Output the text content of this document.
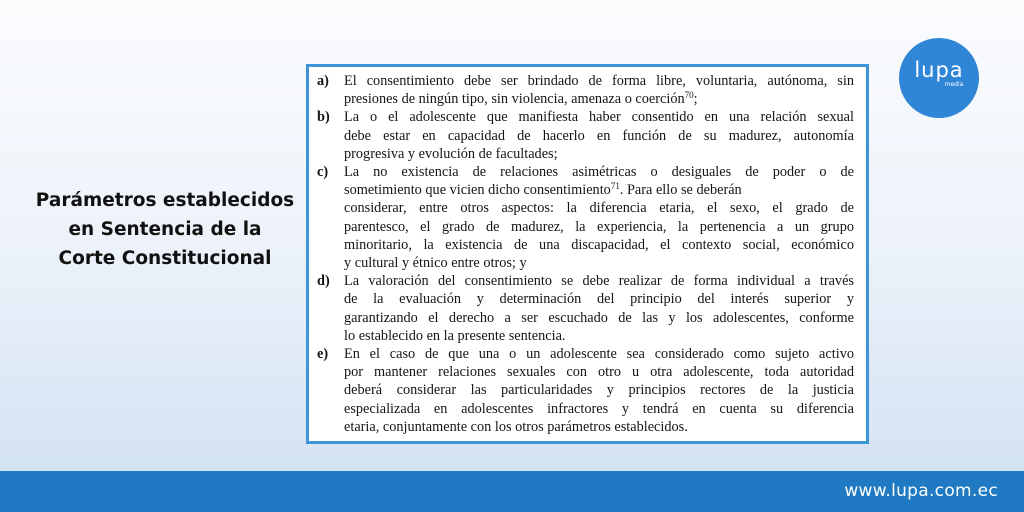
Parámetros establecidos
en Sentencia de la
Corte Constitucional
a)	El consentimiento debe ser brindado de forma libre, voluntaria, autónoma, sin
presiones de ningún tipo, sin violencia, amenaza o coerción$^{70}$;
b) La o el adolescente que manifiesta haber consentido en una relación sexual
debe estar en capacidad de hacerlo en función de su madurez, autonomía
progresiva y evolución de facultades;
c)	La no existencia de relaciones asimétricas o desiguales de poder o de
sometimiento que vicien dicho consentimiento$^{71}$. Para ello se deberán
considerar, entre otros aspectos: la diferencia etaria, el sexo, el grado de
parentesco, el grado de madurez, la experiencia, la pertenencia a un grupo
minoritario, la existencia de una discapacidad, el contexto social, económico
y cultural y étnico entre otros; y
d) La valoración del consentimiento se debe realizar de forma individual a través
de la evaluación y determinación del principio del interés superior y
garantizando el derecho a ser escuchado de las y los adolescentes, conforme
lo establecido en la presente sentencia.
e)	En el caso de que una o un adolescente sea considerado como sujeto activo
por mantener relaciones sexuales con otro u otra adolescente, toda autoridad
deberá considerar las particularidades y principios rectores de la justicia
especializada en adolescentes infractores y tendrá en cuenta su diferencia
etaria, conjuntamente con los otros parámetros establecidos.
lupa
media
www.lupa.com.ec
